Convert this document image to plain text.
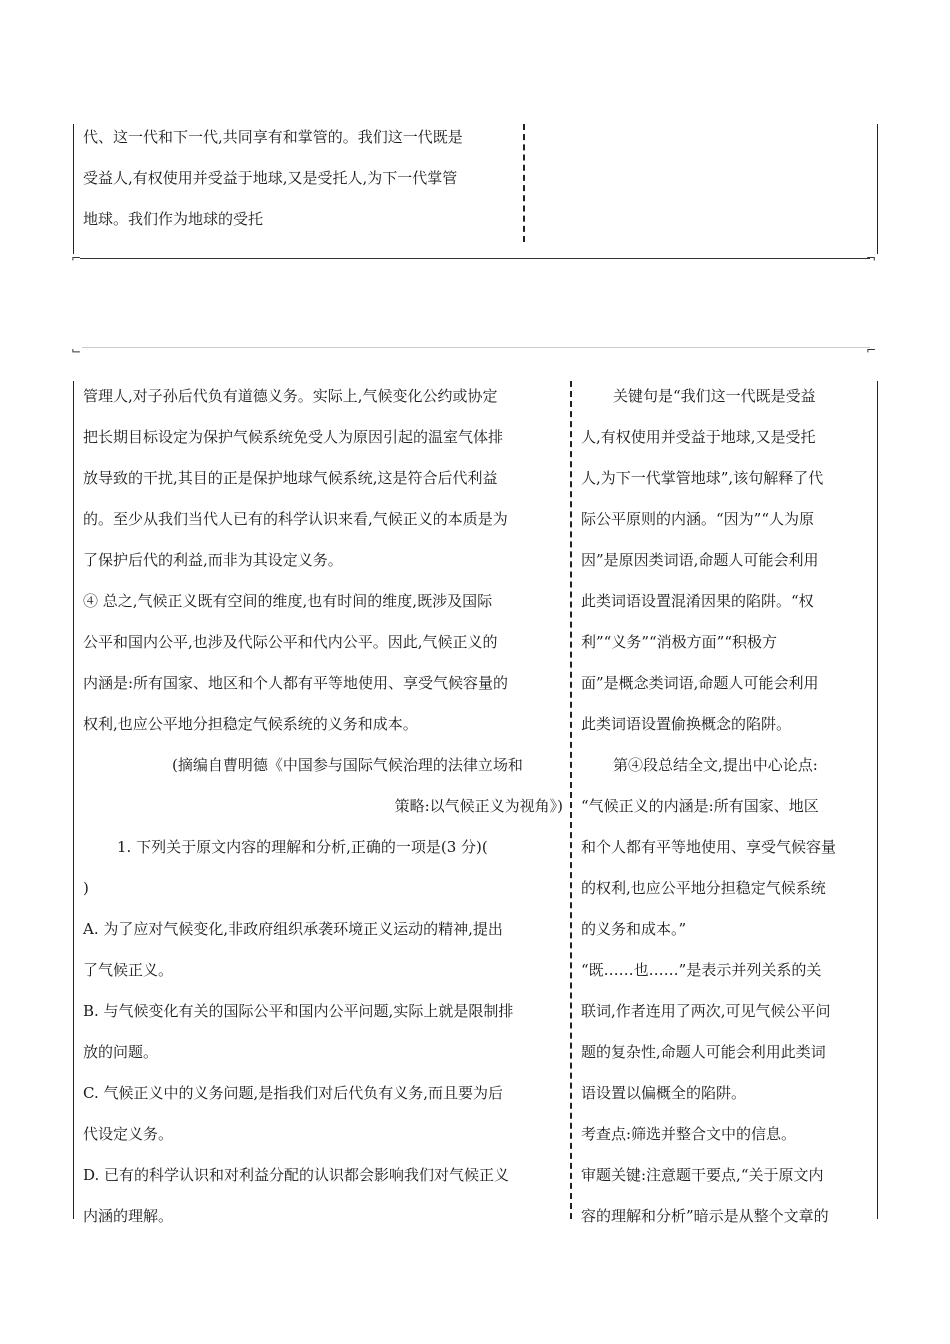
⌐	¬

代、这一代和下一代,共同享有和掌管的。我们这一代既是

受益人,有权使用并受益于地球,又是受托人,为下一代掌管

地球。我们作为地球的受托

⌙	⌐

管理人,对子孙后代负有道德义务。实际上,气候变化公约或协定

把长期目标设定为保护气候系统免受人为原因引起的温室气体排

放导致的干扰,其目的正是保护地球气候系统,这是符合后代利益

的。至少从我们当代人已有的科学认识来看,气候正义的本质是为

了保护后代的利益,而非为其设定义务。

④ 总之,气候正义既有空间的维度,也有时间的维度,既涉及国际

公平和国内公平,也涉及代际公平和代内公平。因此,气候正义的

内涵是:所有国家、地区和个人都有平等地使用、享受气候容量的

权利,也应公平地分担稳定气候系统的义务和成本。

(摘编自曹明德《中国参与国际气候治理的法律立场和

策略:以气候正义为视角》)

1. 下列关于原文内容的理解和分析,正确的一项是(3 分)(

)

A. 为了应对气候变化,非政府组织承袭环境正义运动的精神,提出

了气候正义。

B. 与气候变化有关的国际公平和国内公平问题,实际上就是限制排

放的问题。

C. 气候正义中的义务问题,是指我们对后代负有义务,而且要为后

代设定义务。

D. 已有的科学认识和对利益分配的认识都会影响我们对气候正义

内涵的理解。

关键句是“我们这一代既是受益

人,有权使用并受益于地球,又是受托

人,为下一代掌管地球”,该句解释了代

际公平原则的内涵。“因为”“人为原

因”是原因类词语,命题人可能会利用

此类词语设置混淆因果的陷阱。“权

利”“义务”“消极方面”“积极方

面”是概念类词语,命题人可能会利用

此类词语设置偷换概念的陷阱。

第④段总结全文,提出中心论点:

“气候正义的内涵是:所有国家、地区

和个人都有平等地使用、享受气候容量

的权利,也应公平地分担稳定气候系统

的义务和成本。”

“既……也……”是表示并列关系的关

联词,作者连用了两次,可见气候公平问

题的复杂性,命题人可能会利用此类词

语设置以偏概全的陷阱。

考查点:筛选并整合文中的信息。

审题关键:注意题干要点,“关于原文内

容的理解和分析”暗示是从整个文章的
